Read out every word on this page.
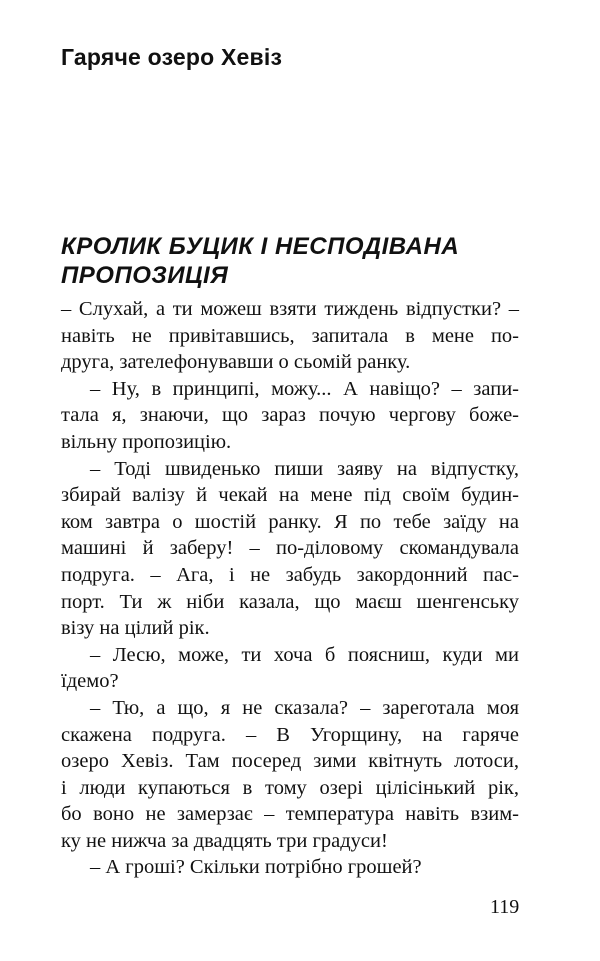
Гаряче озеро Хевіз
КРОЛИК БУЦИК І НЕСПОДІВАНА
ПРОПОЗИЦІЯ
– Слухай, а ти можеш взяти тиждень відпустки? –
навіть не привітавшись, запитала в мене по-
друга, зателефонувавши о сьомій ранку.
– Ну, в принципі, можу... А навіщо? – запи-
тала я, знаючи, що зараз почую чергову боже-
вільну пропозицію.
– Тоді швиденько пиши заяву на відпустку,
збирай валізу й чекай на мене під своїм будин-
ком завтра о шостій ранку. Я по тебе заїду на
машині й заберу! – по-діловому скомандувала
подруга. – Ага, і не забудь закордонний пас-
порт. Ти ж ніби казала, що маєш шенгенську
візу на цілий рік.
– Лесю, може, ти хоча б поясниш, куди ми
їдемо?
– Тю, а що, я не сказала? – зареготала моя
скажена подруга. – В Угорщину, на гаряче
озеро Хевіз. Там посеред зими квітнуть лотоси,
і люди купаються в тому озері цілісінький рік,
бо воно не замерзає – температура навіть взим-
ку не нижча за двадцять три градуси!
– А гроші? Скільки потрібно грошей?
119
